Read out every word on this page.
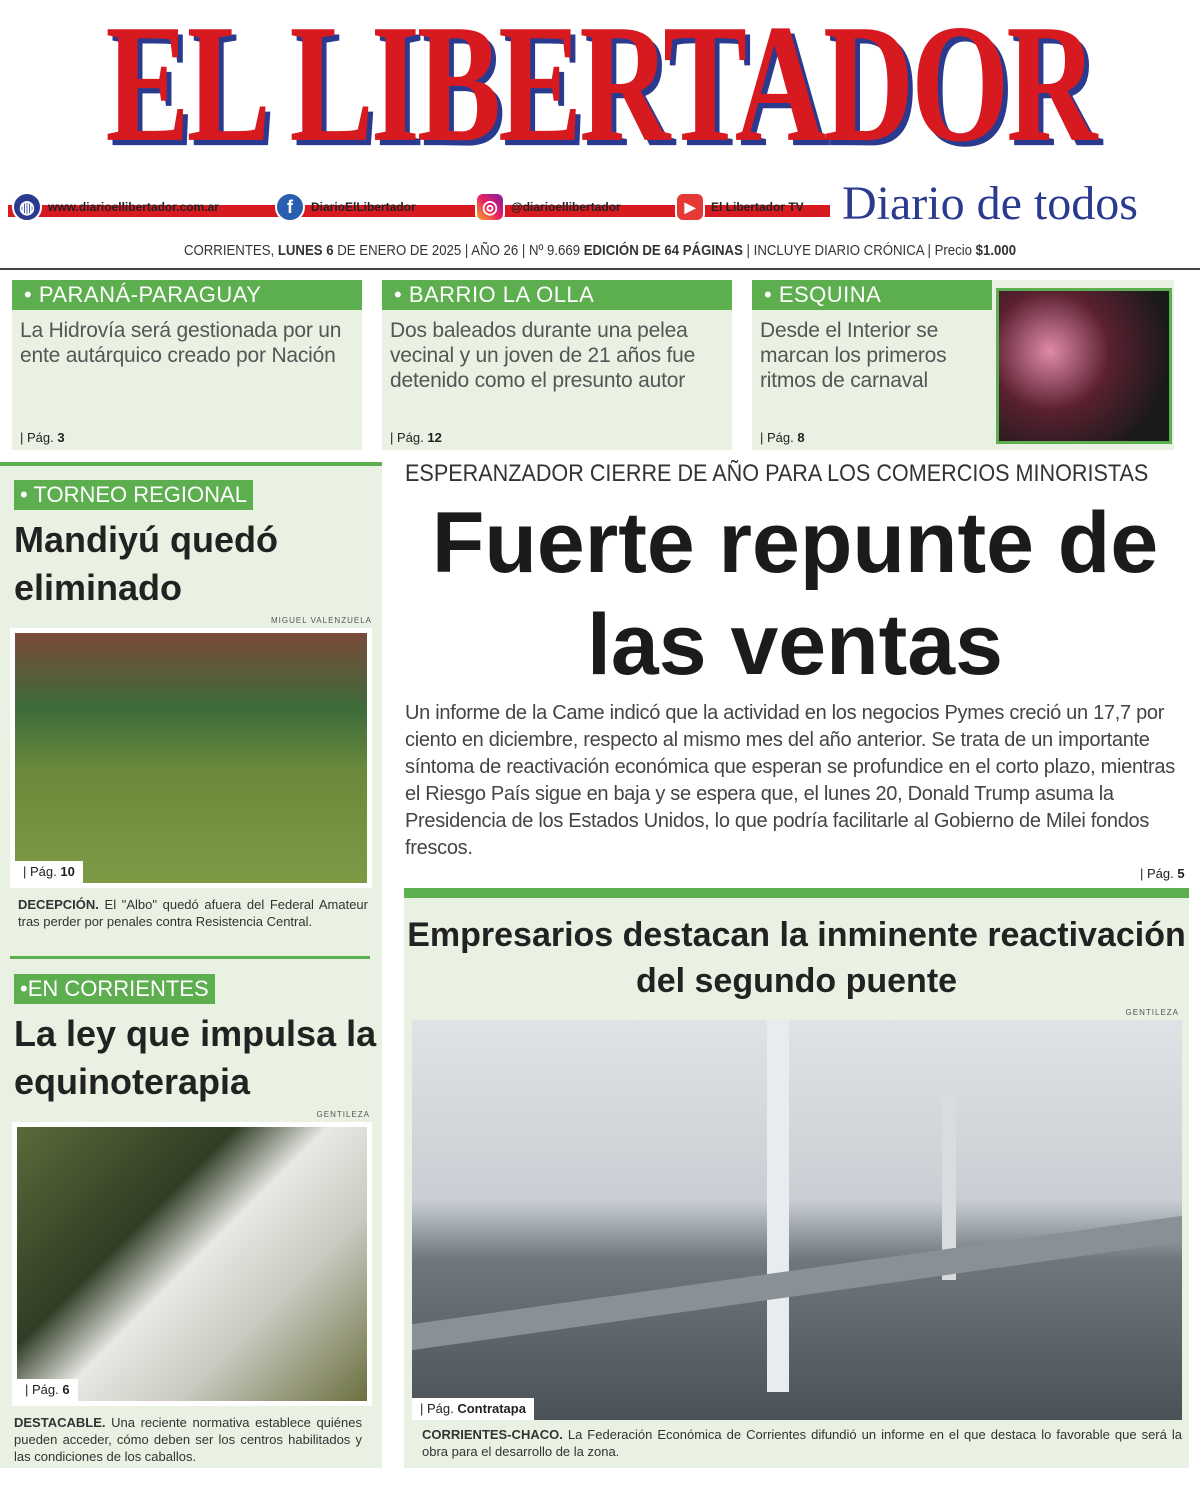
EL LIBERTADOR
◍	www.diarioellibertador.com.ar	f	DiarioElLibertador	◎	@diarioellibertador	▶	El Libertador TV Diario de todos
CORRIENTES, LUNES 6 DE ENERO DE 2025 | AÑO 26 | Nº 9.669 EDICIÓN DE 64 PÁGINAS | INCLUYE DIARIO CRÓNICA | Precio $1.000
• PARANÁ-PARAGUAY
La Hidrovía será gestionada por un ente autárquico creado por Nación
| Pág. 3
• BARRIO LA OLLA
Dos baleados durante una pelea vecinal y un joven de 21 años fue detenido como el presunto autor
| Pág. 12
• ESQUINA
Desde el Interior se marcan los primeros ritmos de carnaval
| Pág. 8
• TORNEO REGIONAL
Mandiyú quedó eliminado
MIGUEL VALENZUELA
| Pág. 10
DECEPCIÓN. El "Albo" quedó afuera del Federal Amateur tras perder por penales contra Resistencia Central.
•EN CORRIENTES
La ley que impulsa la equinoterapia
GENTILEZA
| Pág. 6
DESTACABLE. Una reciente normativa establece quiénes pueden acceder, cómo deben ser los centros habilitados y las condiciones de los caballos.
ESPERANZADOR CIERRE DE AÑO PARA LOS COMERCIOS MINORISTAS
Fuerte repunte de las ventas
Un informe de la Came indicó que la actividad en los negocios Pymes creció un 17,7 por ciento en diciembre, respecto al mismo mes del año anterior. Se trata de un importante síntoma de reactivación económica que esperan se profundice en el corto plazo, mientras el Riesgo País sigue en baja y se espera que, el lunes 20, Donald Trump asuma la Presidencia de los Estados Unidos, lo que podría facilitarle al Gobierno de Milei fondos frescos.
| Pág. 5
Empresarios destacan la inminente reactivación del segundo puente
GENTILEZA
| Pág. Contratapa
CORRIENTES-CHACO. La Federación Económica de Corrientes difundió un informe en el que destaca lo favorable que será la obra para el desarrollo de la zona.
